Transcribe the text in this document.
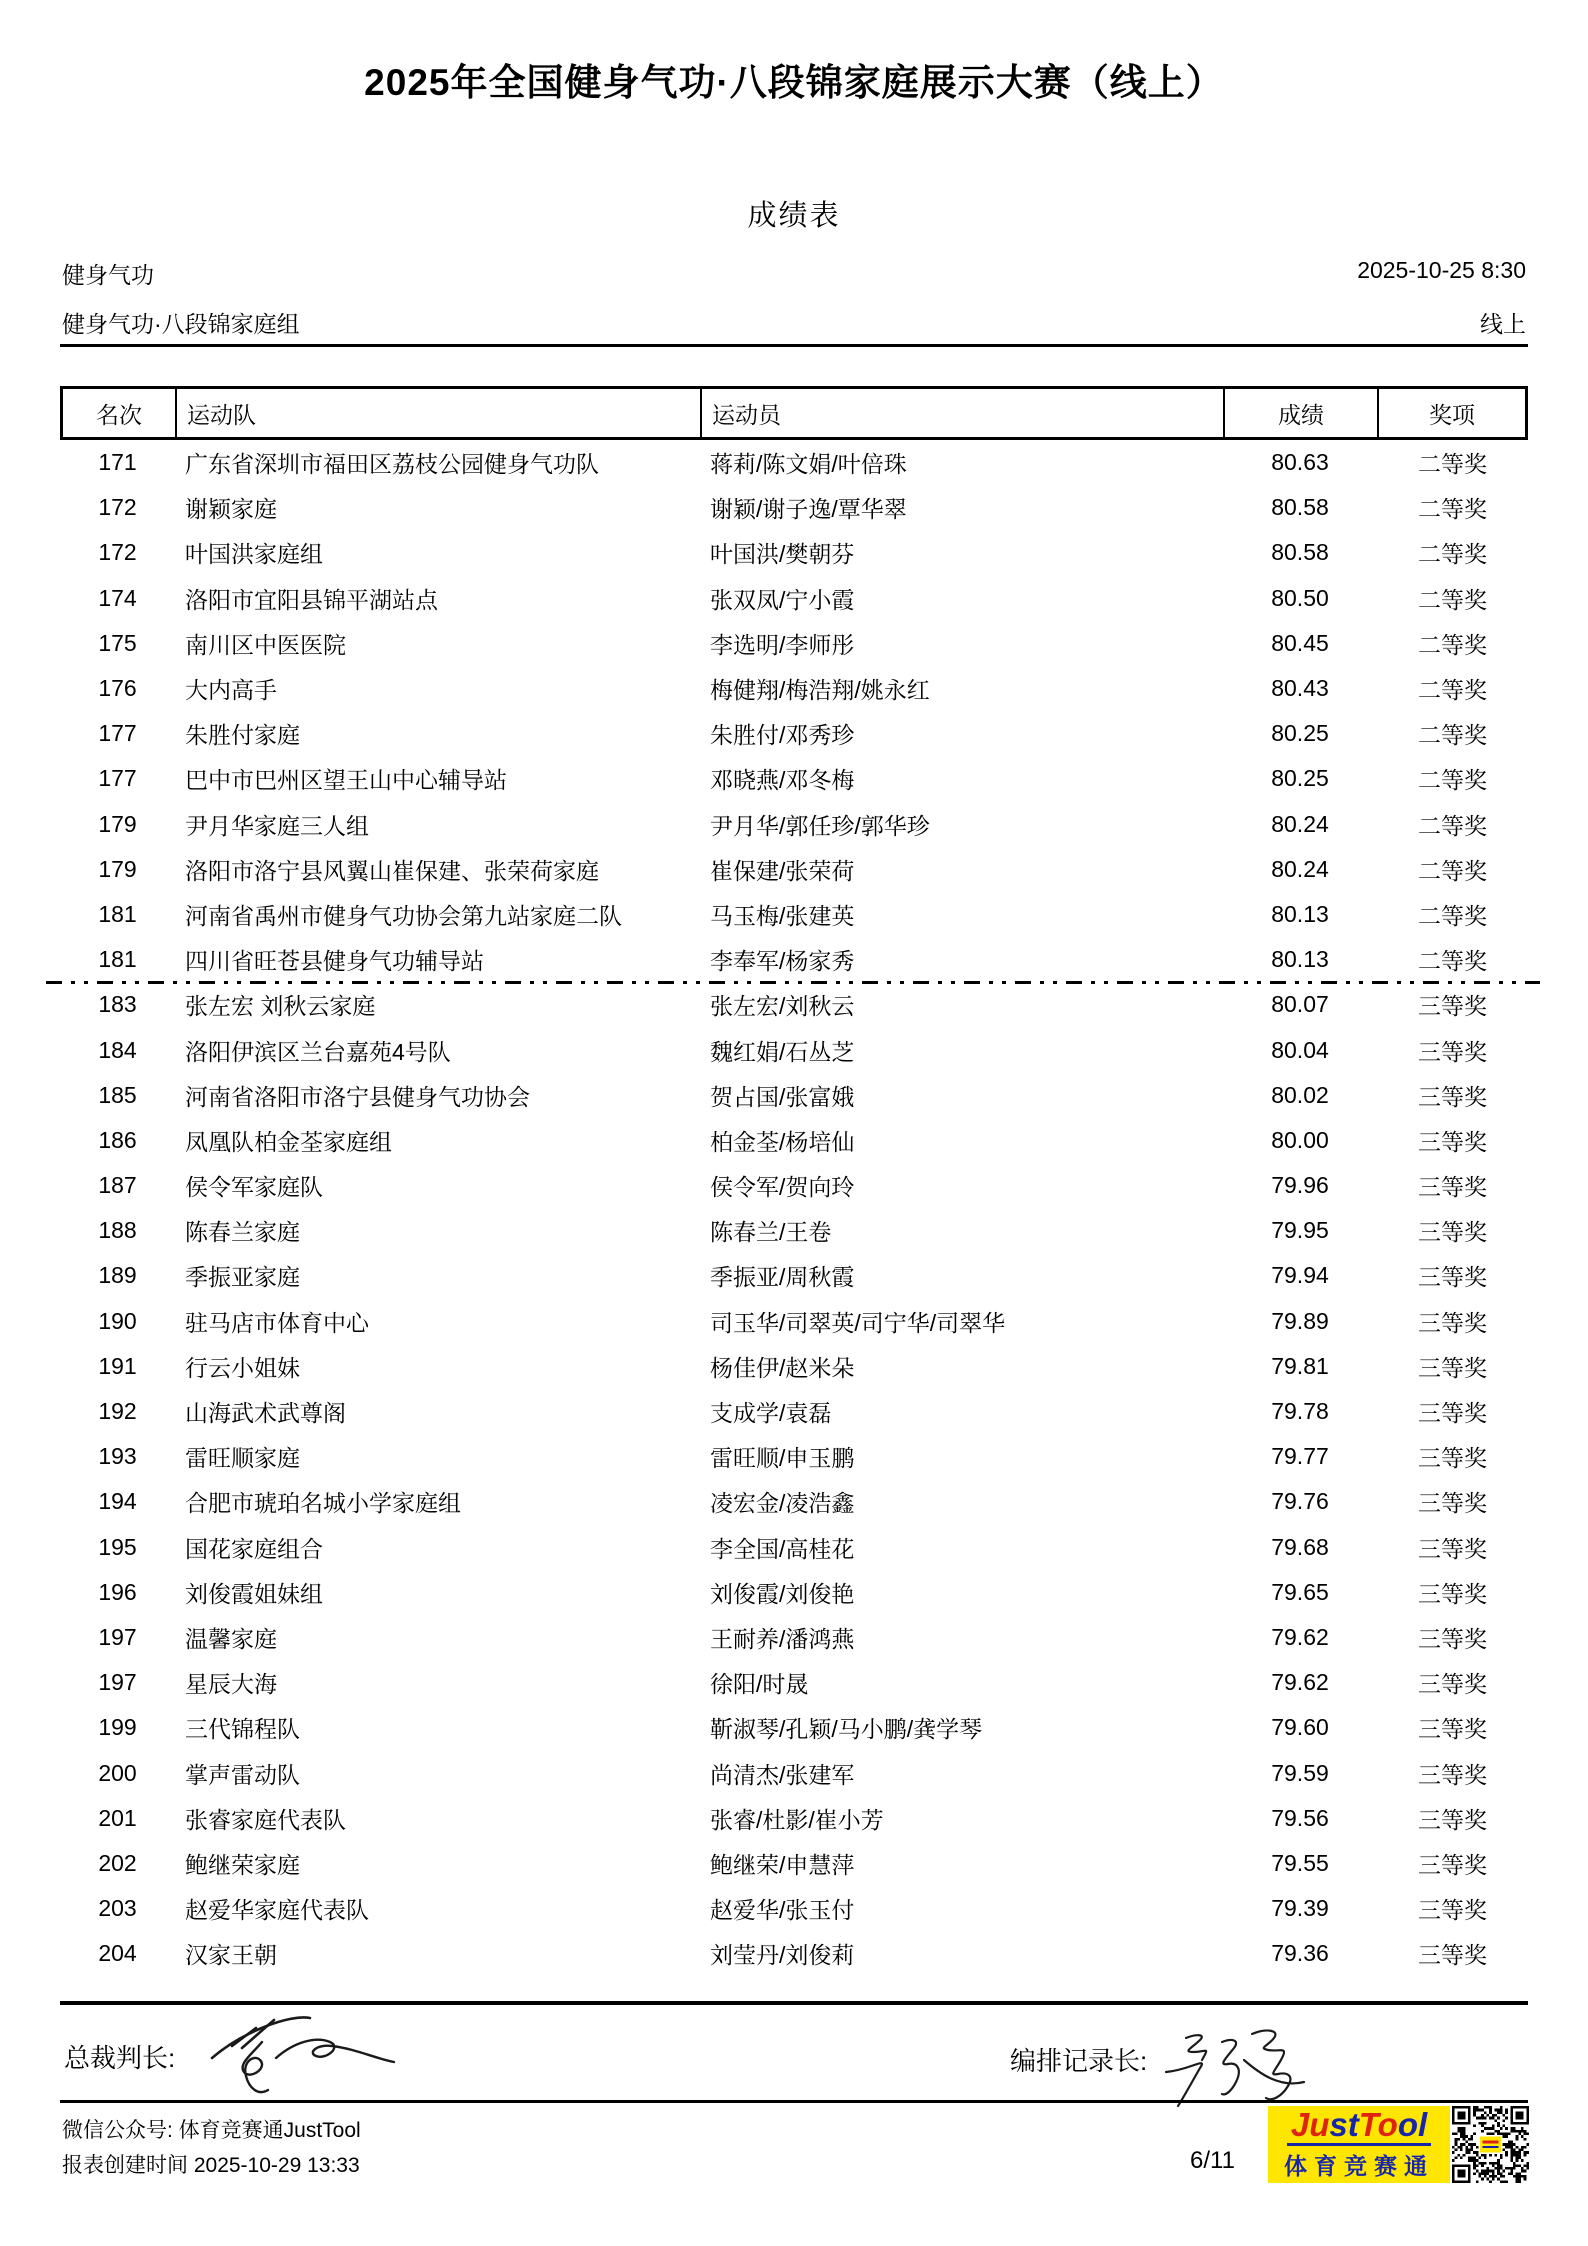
2025年全国健身气功·八段锦家庭展示大赛（线上）
成绩表
健身气功	2025-10-25 8:30
健身气功·八段锦家庭组	线上
名次	运动队	运动员	成绩	奖项
171	广东省深圳市福田区荔枝公园健身气功队	蒋莉/陈文娟/叶倍珠	80.63	二等奖
172	谢颖家庭	谢颖/谢子逸/覃华翠	80.58	二等奖
172	叶国洪家庭组	叶国洪/樊朝芬	80.58	二等奖
174	洛阳市宜阳县锦平湖站点	张双凤/宁小霞	80.50	二等奖
175	南川区中医医院	李选明/李师彤	80.45	二等奖
176	大内高手	梅健翔/梅浩翔/姚永红	80.43	二等奖
177	朱胜付家庭	朱胜付/邓秀珍	80.25	二等奖
177	巴中市巴州区望王山中心辅导站	邓晓燕/邓冬梅	80.25	二等奖
179	尹月华家庭三人组	尹月华/郭任珍/郭华珍	80.24	二等奖
179	洛阳市洛宁县风翼山崔保建、张荣荷家庭	崔保建/张荣荷	80.24	二等奖
181	河南省禹州市健身气功协会第九站家庭二队	马玉梅/张建英	80.13	二等奖
181	四川省旺苍县健身气功辅导站	李奉军/杨家秀	80.13	二等奖
183	张左宏 刘秋云家庭	张左宏/刘秋云	80.07	三等奖
184	洛阳伊滨区兰台嘉苑4号队	魏红娟/石丛芝	80.04	三等奖
185	河南省洛阳市洛宁县健身气功协会	贺占国/张富娥	80.02	三等奖
186	凤凰队柏金荃家庭组	柏金荃/杨培仙	80.00	三等奖
187	侯令军家庭队	侯令军/贺向玲	79.96	三等奖
188	陈春兰家庭	陈春兰/王卷	79.95	三等奖
189	季振亚家庭	季振亚/周秋霞	79.94	三等奖
190	驻马店市体育中心	司玉华/司翠英/司宁华/司翠华	79.89	三等奖
191	行云小姐妹	杨佳伊/赵米朵	79.81	三等奖
192	山海武术武尊阁	支成学/袁磊	79.78	三等奖
193	雷旺顺家庭	雷旺顺/申玉鹏	79.77	三等奖
194	合肥市琥珀名城小学家庭组	凌宏金/凌浩鑫	79.76	三等奖
195	国花家庭组合	李全国/高桂花	79.68	三等奖
196	刘俊霞姐妹组	刘俊霞/刘俊艳	79.65	三等奖
197	温馨家庭	王耐养/潘鸿燕	79.62	三等奖
197	星辰大海	徐阳/时晟	79.62	三等奖
199	三代锦程队	靳淑琴/孔颖/马小鹏/龚学琴	79.60	三等奖
200	掌声雷动队	尚清杰/张建军	79.59	三等奖
201	张睿家庭代表队	张睿/杜影/崔小芳	79.56	三等奖
202	鲍继荣家庭	鲍继荣/申慧萍	79.55	三等奖
203	赵爱华家庭代表队	赵爱华/张玉付	79.39	三等奖
204	汉家王朝	刘莹丹/刘俊莉	79.36	三等奖
总裁判长:	编排记录长:
微信公众号: 体育竞赛通JustTool
报表创建时间 2025-10-29 13:33	6/11
JustTool
体育竞赛通
